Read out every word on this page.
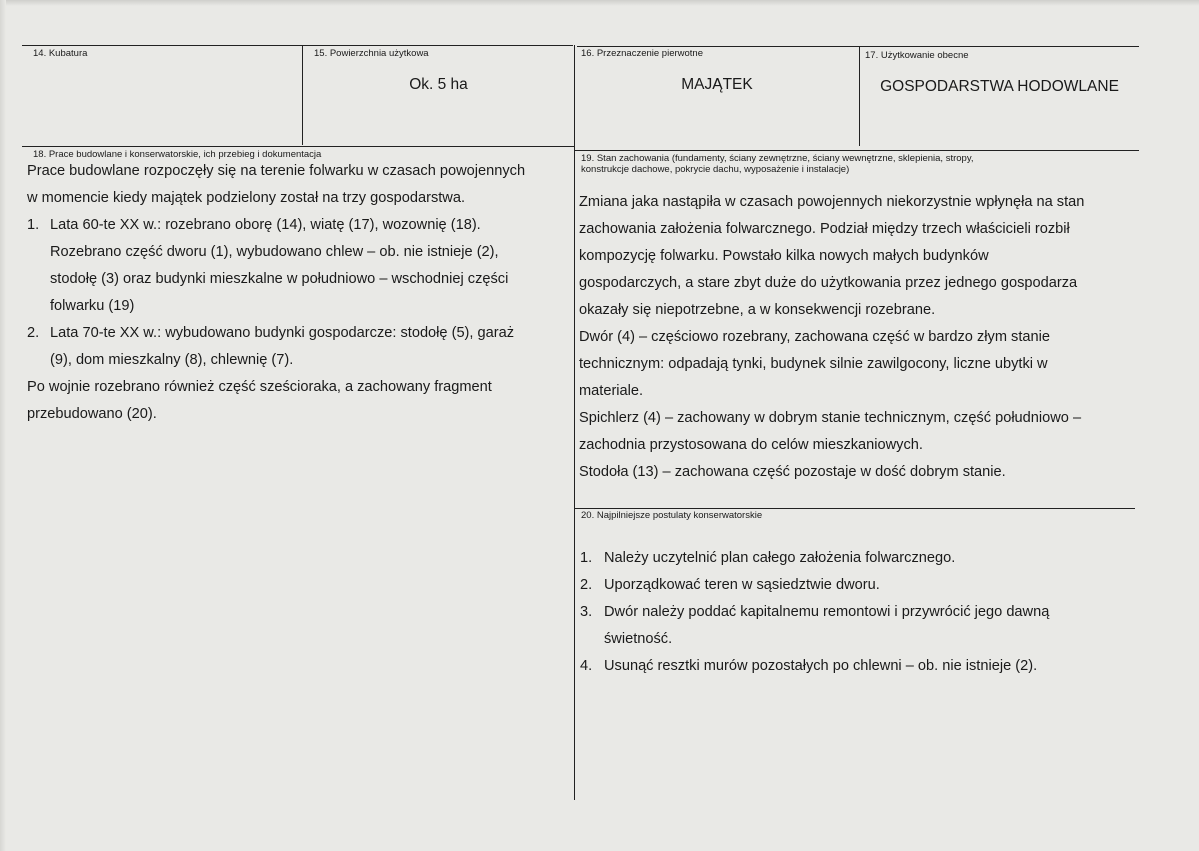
14. Kubatura	15. Powierzchnia użytkowa
Ok. 5 ha
16. Przeznaczenie pierwotne
MAJĄTEK
17. Użytkowanie obecne
GOSPODARSTWA HODOWLANE
18. Prace budowlane i konserwatorskie, ich przebieg i dokumentacja
Prace budowlane rozpoczęły się na terenie folwarku w czasach powojennych
w momencie kiedy majątek podzielony został na trzy gospodarstwa.
1. Lata 60-te XX w.: rozebrano oborę (14), wiatę (17), wozownię (18).
Rozebrano część dworu (1), wybudowano chlew – ob. nie istnieje (2),
stodołę (3) oraz budynki mieszkalne w południowo – wschodniej części
folwarku (19)
2. Lata 70-te XX w.: wybudowano budynki gospodarcze: stodołę (5), garaż
(9), dom mieszkalny (8), chlewnię (7).
Po wojnie rozebrano również część sześcioraka, a zachowany fragment
przebudowano (20).
19. Stan zachowania (fundamenty, ściany zewnętrzne, ściany wewnętrzne, sklepienia, stropy,
konstrukcje dachowe, pokrycie dachu, wyposażenie i instalacje)
Zmiana jaka nastąpiła w czasach powojennych niekorzystnie wpłynęła na stan
zachowania założenia folwarcznego. Podział między trzech właścicieli rozbił
kompozycję folwarku. Powstało kilka nowych małych budynków
gospodarczych, a stare zbyt duże do użytkowania przez jednego gospodarza
okazały się niepotrzebne, a w konsekwencji rozebrane.
Dwór (4) – częściowo rozebrany, zachowana część w bardzo złym stanie
technicznym: odpadają tynki, budynek silnie zawilgocony, liczne ubytki w
materiale.
Spichlerz (4) – zachowany w dobrym stanie technicznym, część południowo –
zachodnia przystosowana do celów mieszkaniowych.
Stodoła (13) – zachowana część pozostaje w dość dobrym stanie.
20. Najpilniejsze postulaty konserwatorskie
1. Należy uczytelnić plan całego założenia folwarcznego.
2. Uporządkować teren w sąsiedztwie dworu.
3. Dwór należy poddać kapitalnemu remontowi i przywrócić jego dawną
świetność.
4. Usunąć resztki murów pozostałych po chlewni – ob. nie istnieje (2).
